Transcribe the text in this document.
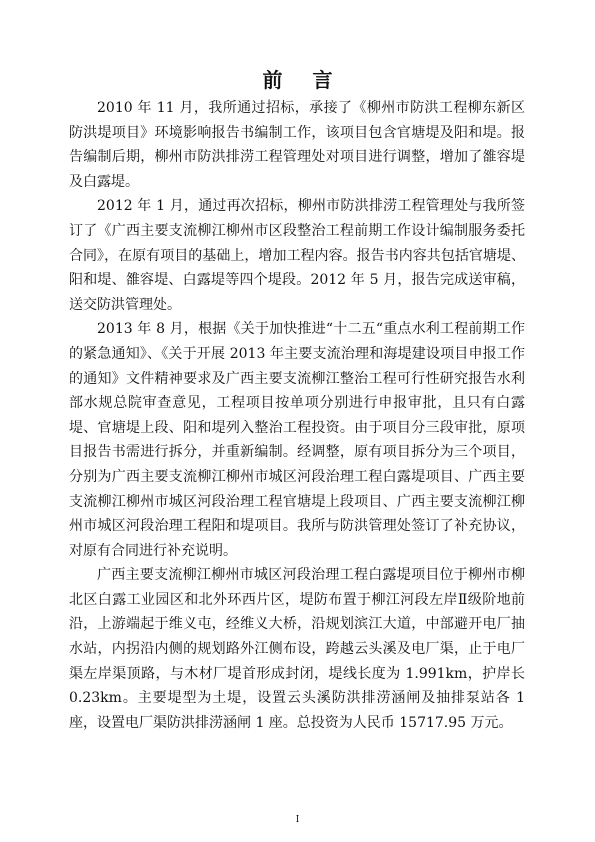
前言

2010 年 11 月，我所通过招标，承接了《柳州市防洪工程柳东新区防洪堤项目》环境影响报告书编制工作，该项目包含官塘堤及阳和堤。报告编制后期，柳州市防洪排涝工程管理处对项目进行调整，增加了雒容堤及白露堤。

2012 年 1 月，通过再次招标，柳州市防洪排涝工程管理处与我所签订了《广西主要支流柳江柳州市区段整治工程前期工作设计编制服务委托合同》，在原有项目的基础上，增加工程内容。报告书内容共包括官塘堤、阳和堤、雒容堤、白露堤等四个堤段。2012 年 5 月，报告完成送审稿，送交防洪管理处。

2013 年 8 月，根据《关于加快推进“十二五“重点水利工程前期工作的紧急通知》、《关于开展 2013 年主要支流治理和海堤建设项目申报工作的通知》文件精神要求及广西主要支流柳江整治工程可行性研究报告水利部水规总院审查意见，工程项目按单项分别进行申报审批，且只有白露堤、官塘堤上段、阳和堤列入整治工程投资。由于项目分三段审批，原项目报告书需进行拆分，并重新编制。经调整，原有项目拆分为三个项目，分别为广西主要支流柳江柳州市城区河段治理工程白露堤项目、广西主要支流柳江柳州市城区河段治理工程官塘堤上段项目、广西主要支流柳江柳州市城区河段治理工程阳和堤项目。我所与防洪管理处签订了补充协议，对原有合同进行补充说明。

广西主要支流柳江柳州市城区河段治理工程白露堤项目位于柳州市柳北区白露工业园区和北外环西片区，堤防布置于柳江河段左岸Ⅱ级阶地前沿，上游端起于维义屯，经维义大桥，沿规划滨江大道，中部避开电厂抽水站，内拐沿内侧的规划路外江侧布设，跨越云头溪及电厂渠，止于电厂渠左岸渠顶路，与木材厂堤首形成封闭，堤线长度为 1.991km，护岸长 0.23km。主要堤型为土堤，设置云头溪防洪排涝涵闸及抽排泵站各 1 座，设置电厂渠防洪排涝涵闸 1 座。总投资为人民币 15717.95 万元。

I
